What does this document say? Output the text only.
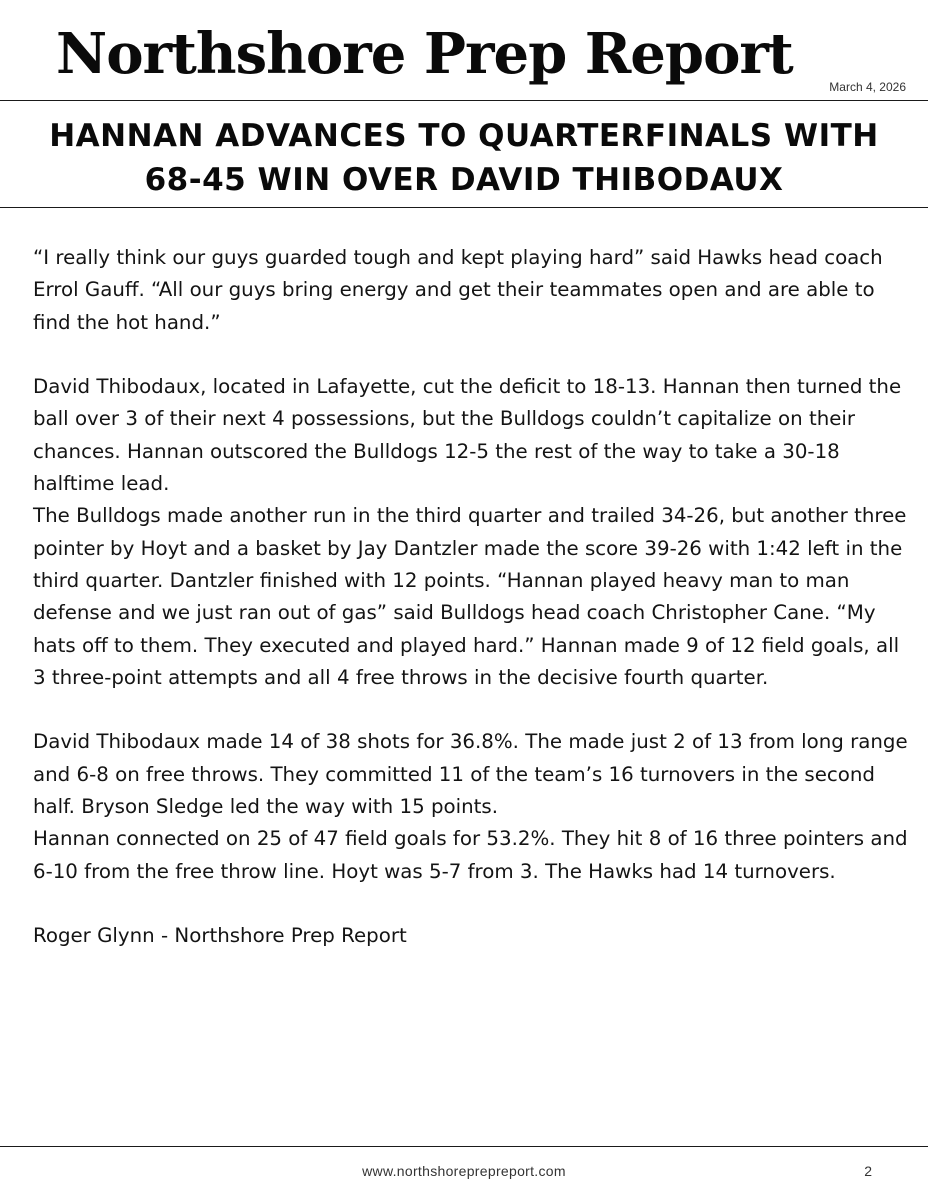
Northshore Prep Report	March 4, 2026
HANNAN ADVANCES TO QUARTERFINALS WITH
68-45 WIN OVER DAVID THIBODAUX

“I really think our guys guarded tough and kept playing hard” said Hawks head coach Errol Gauff. “All our guys bring energy and get their teammates open and are able to find the hot hand.”

David Thibodaux, located in Lafayette, cut the deficit to 18-13. Hannan then turned the ball over 3 of their next 4 possessions, but the Bulldogs couldn’t capitalize on their chances. Hannan outscored the Bulldogs 12-5 the rest of the way to take a 30-18 halftime lead.

The Bulldogs made another run in the third quarter and trailed 34-26, but another three pointer by Hoyt and a basket by Jay Dantzler made the score 39-26 with 1:42 left in the third quarter. Dantzler finished with 12 points. “Hannan played heavy man to man defense and we just ran out of gas” said Bulldogs head coach Christopher Cane. “My hats off to them. They executed and played hard.” Hannan made 9 of 12 field goals, all 3 three-point attempts and all 4 free throws in the decisive fourth quarter.

David Thibodaux made 14 of 38 shots for 36.8%. The made just 2 of 13 from long range and 6-8 on free throws. They committed 11 of the team’s 16 turnovers in the second half. Bryson Sledge led the way with 15 points.

Hannan connected on 25 of 47 field goals for 53.2%. They hit 8 of 16 three pointers and 6-10 from the free throw line. Hoyt was 5-7 from 3. The Hawks had 14 turnovers.

Roger Glynn - Northshore Prep Report

www.northshoreprepreport.com	2
